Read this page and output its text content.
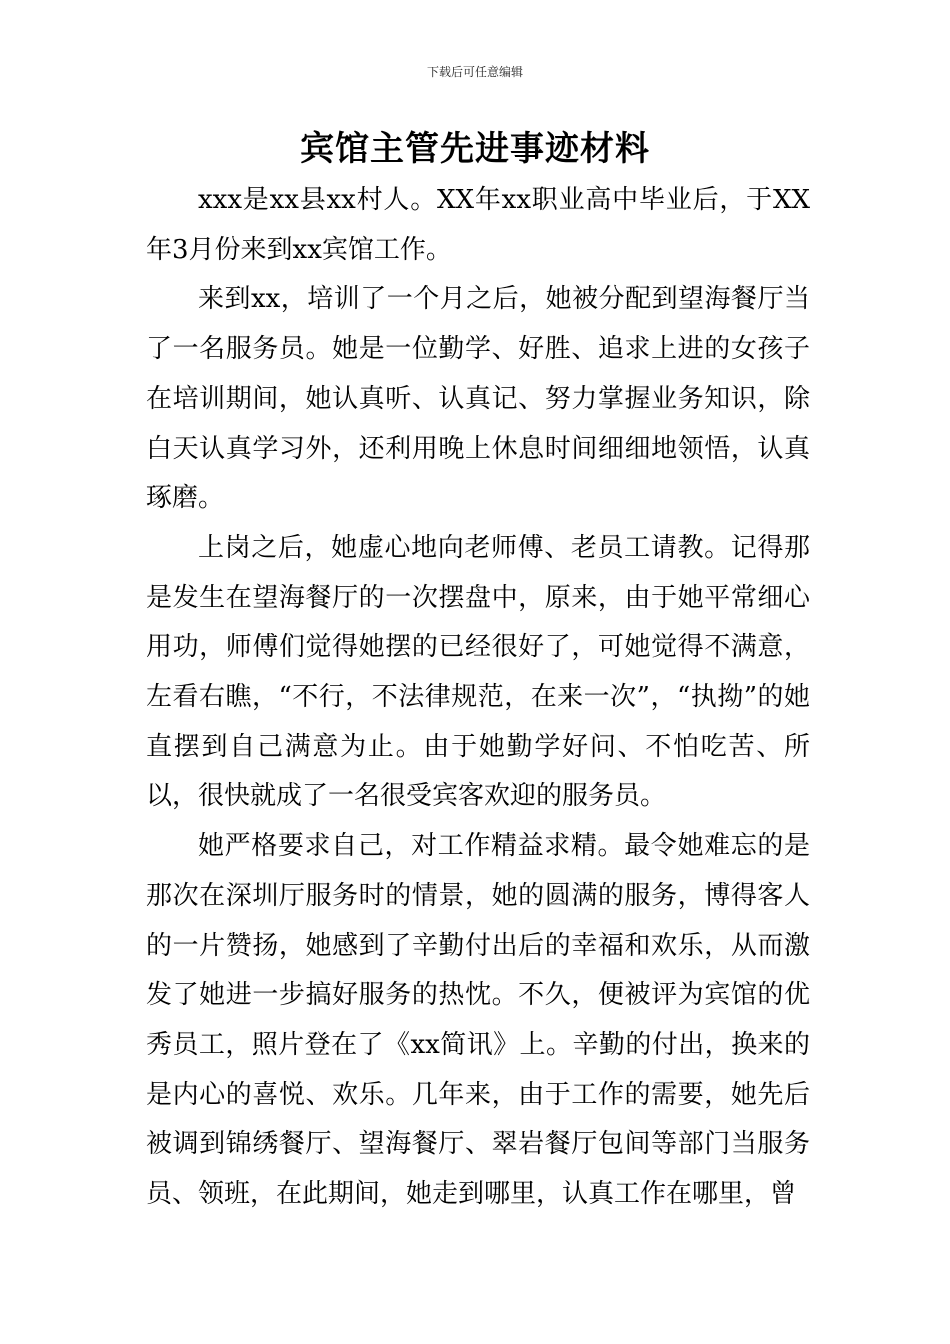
下载后可任意编辑
宾馆主管先进事迹材料

xxx是xx县xx村人。XX年xx职业高中毕业后，于XX年3月份来到xx宾馆工作。

来到xx，培训了一个月之后，她被分配到望海餐厅当了一名服务员。她是一位勤学、好胜、追求上进的女孩子在培训期间，她认真听、认真记、努力掌握业务知识，除白天认真学习外，还利用晚上休息时间细细地领悟，认真琢磨。

上岗之后，她虚心地向老师傅、老员工请教。记得那是发生在望海餐厅的一次摆盘中，原来，由于她平常细心用功，师傅们觉得她摆的已经很好了，可她觉得不满意，左看右瞧，“不行，不法律规范，在来一次”，“执拗”的她直摆到自己满意为止。由于她勤学好问、不怕吃苦、所以，很快就成了一名很受宾客欢迎的服务员。

她严格要求自己，对工作精益求精。最令她难忘的是那次在深圳厅服务时的情景，她的圆满的服务，博得客人的一片赞扬，她感到了辛勤付出后的幸福和欢乐，从而激发了她进一步搞好服务的热忱。不久，便被评为宾馆的优秀员工，照片登在了《xx简讯》上。辛勤的付出，换来的是内心的喜悦、欢乐。几年来，由于工作的需要，她先后被调到锦绣餐厅、望海餐厅、翠岩餐厅包间等部门当服务员、领班，在此期间，她走到哪里，认真工作在哪里，曾
